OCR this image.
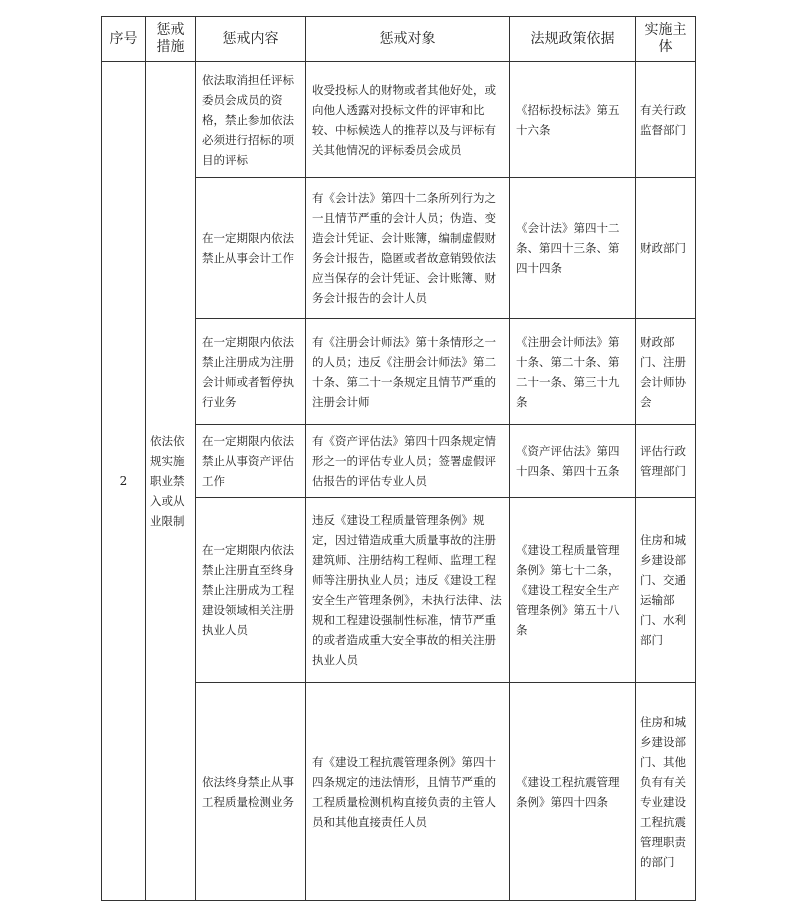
序号	惩戒措施	惩戒内容	惩戒对象	法规政策依据	实施主体
2	依法依规实施职业禁入或从业限制	依法取消担任评标委员会成员的资格，禁止参加依法必须进行招标的项目的评标	收受投标人的财物或者其他好处，或向他人透露对投标文件的评审和比较、中标候选人的推荐以及与评标有关其他情况的评标委员会成员	《招标投标法》第五十六条	有关行政监督部门
		在一定期限内依法禁止从事会计工作	有《会计法》第四十二条所列行为之一且情节严重的会计人员；伪造、变造会计凭证、会计账簿，编制虚假财务会计报告，隐匿或者故意销毁依法应当保存的会计凭证、会计账簿、财务会计报告的会计人员	《会计法》第四十二条、第四十三条、第四十四条	财政部门
		在一定期限内依法禁止注册成为注册会计师或者暂停执行业务	有《注册会计师法》第十条情形之一的人员；违反《注册会计师法》第二十条、第二十一条规定且情节严重的注册会计师	《注册会计师法》第十条、第二十条、第二十一条、第三十九条	财政部门、注册会计师协会
		在一定期限内依法禁止从事资产评估工作	有《资产评估法》第四十四条规定情形之一的评估专业人员；签署虚假评估报告的评估专业人员	《资产评估法》第四十四条、第四十五条	评估行政管理部门
		在一定期限内依法禁止注册直至终身禁止注册成为工程建设领域相关注册执业人员	违反《建设工程质量管理条例》规定，因过错造成重大质量事故的注册建筑师、注册结构工程师、监理工程师等注册执业人员；违反《建设工程安全生产管理条例》，未执行法律、法规和工程建设强制性标准，情节严重的或者造成重大安全事故的相关注册执业人员	《建设工程质量管理条例》第七十二条，《建设工程安全生产管理条例》第五十八条	住房和城乡建设部门、交通运输部门、水利部门
		依法终身禁止从事工程质量检测业务	有《建设工程抗震管理条例》第四十四条规定的违法情形，且情节严重的工程质量检测机构直接负责的主管人员和其他直接责任人员	《建设工程抗震管理条例》第四十四条	住房和城乡建设部门、其他负有有关专业建设工程抗震管理职责的部门
